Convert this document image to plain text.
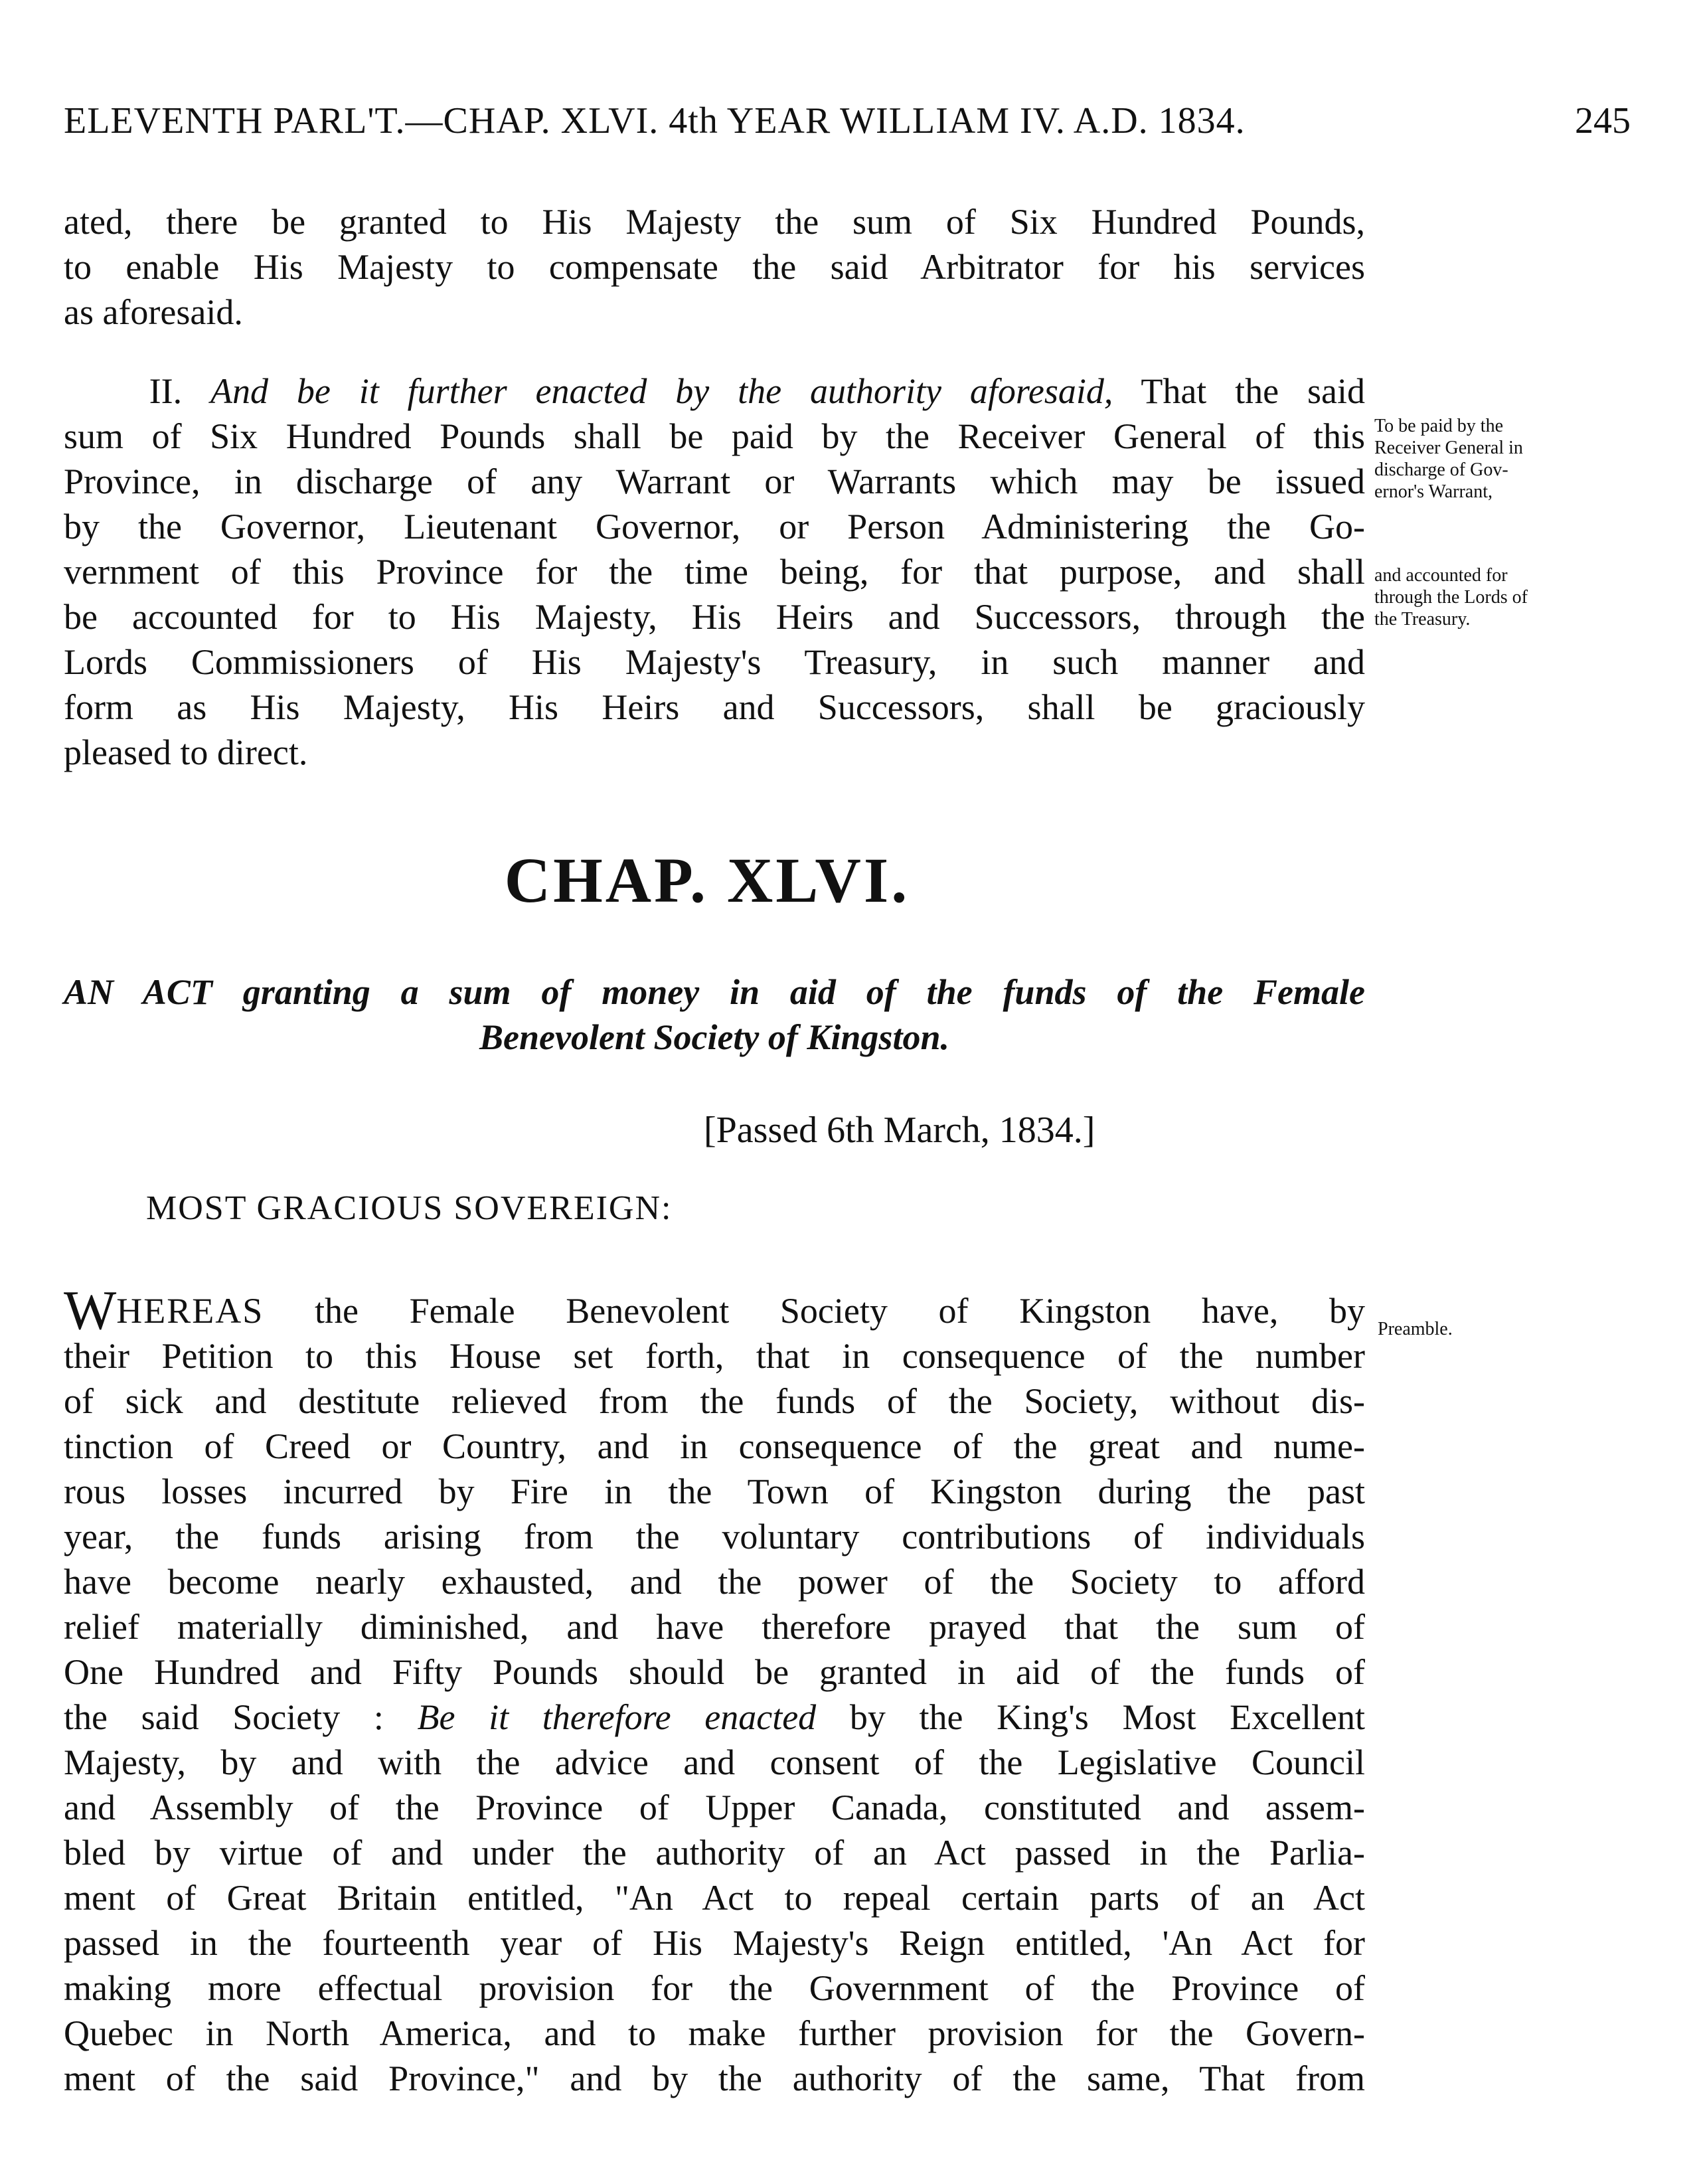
ELEVENTH PARL'T.—CHAP. XLVI. 4th YEAR WILLIAM IV. A.D. 1834.	245
ated, there be granted to His Majesty the sum of Six Hundred Pounds,
to enable His Majesty to compensate the said Arbitrator for his services
as aforesaid.
II. And be it further enacted by the authority aforesaid, That the said
sum of Six Hundred Pounds shall be paid by the Receiver General of this
Province, in discharge of any Warrant or Warrants which may be issued
by the Governor, Lieutenant Governor, or Person Administering the Go-
vernment of this Province for the time being, for that purpose, and shall
be accounted for to His Majesty, His Heirs and Successors, through the
Lords Commissioners of His Majesty's Treasury, in such manner and
form as His Majesty, His Heirs and Successors, shall be graciously
pleased to direct.
To be paid by the
Receiver General in
discharge of Gov-
ernor's Warrant,
and accounted for
through the Lords of
the Treasury.
CHAP. XLVI.
AN ACT granting a sum of money in aid of the funds of the Female
Benevolent Society of Kingston.
[Passed 6th March, 1834.]
MOST GRACIOUS SOVEREIGN:
WHEREAS the Female Benevolent Society of Kingston have, by
their Petition to this House set forth, that in consequence of the number
of sick and destitute relieved from the funds of the Society, without dis-
tinction of Creed or Country, and in consequence of the great and nume-
rous losses incurred by Fire in the Town of Kingston during the past
year, the funds arising from the voluntary contributions of individuals
have become nearly exhausted, and the power of the Society to afford
relief materially diminished, and have therefore prayed that the sum of
One Hundred and Fifty Pounds should be granted in aid of the funds of
the said Society : Be it therefore enacted by the King's Most Excellent
Majesty, by and with the advice and consent of the Legislative Council
and Assembly of the Province of Upper Canada, constituted and assem-
bled by virtue of and under the authority of an Act passed in the Parlia-
ment of Great Britain entitled, "An Act to repeal certain parts of an Act
passed in the fourteenth year of His Majesty's Reign entitled, 'An Act for
making more effectual provision for the Government of the Province of
Quebec in North America, and to make further provision for the Govern-
ment of the said Province," and by the authority of the same, That from
Preamble.
